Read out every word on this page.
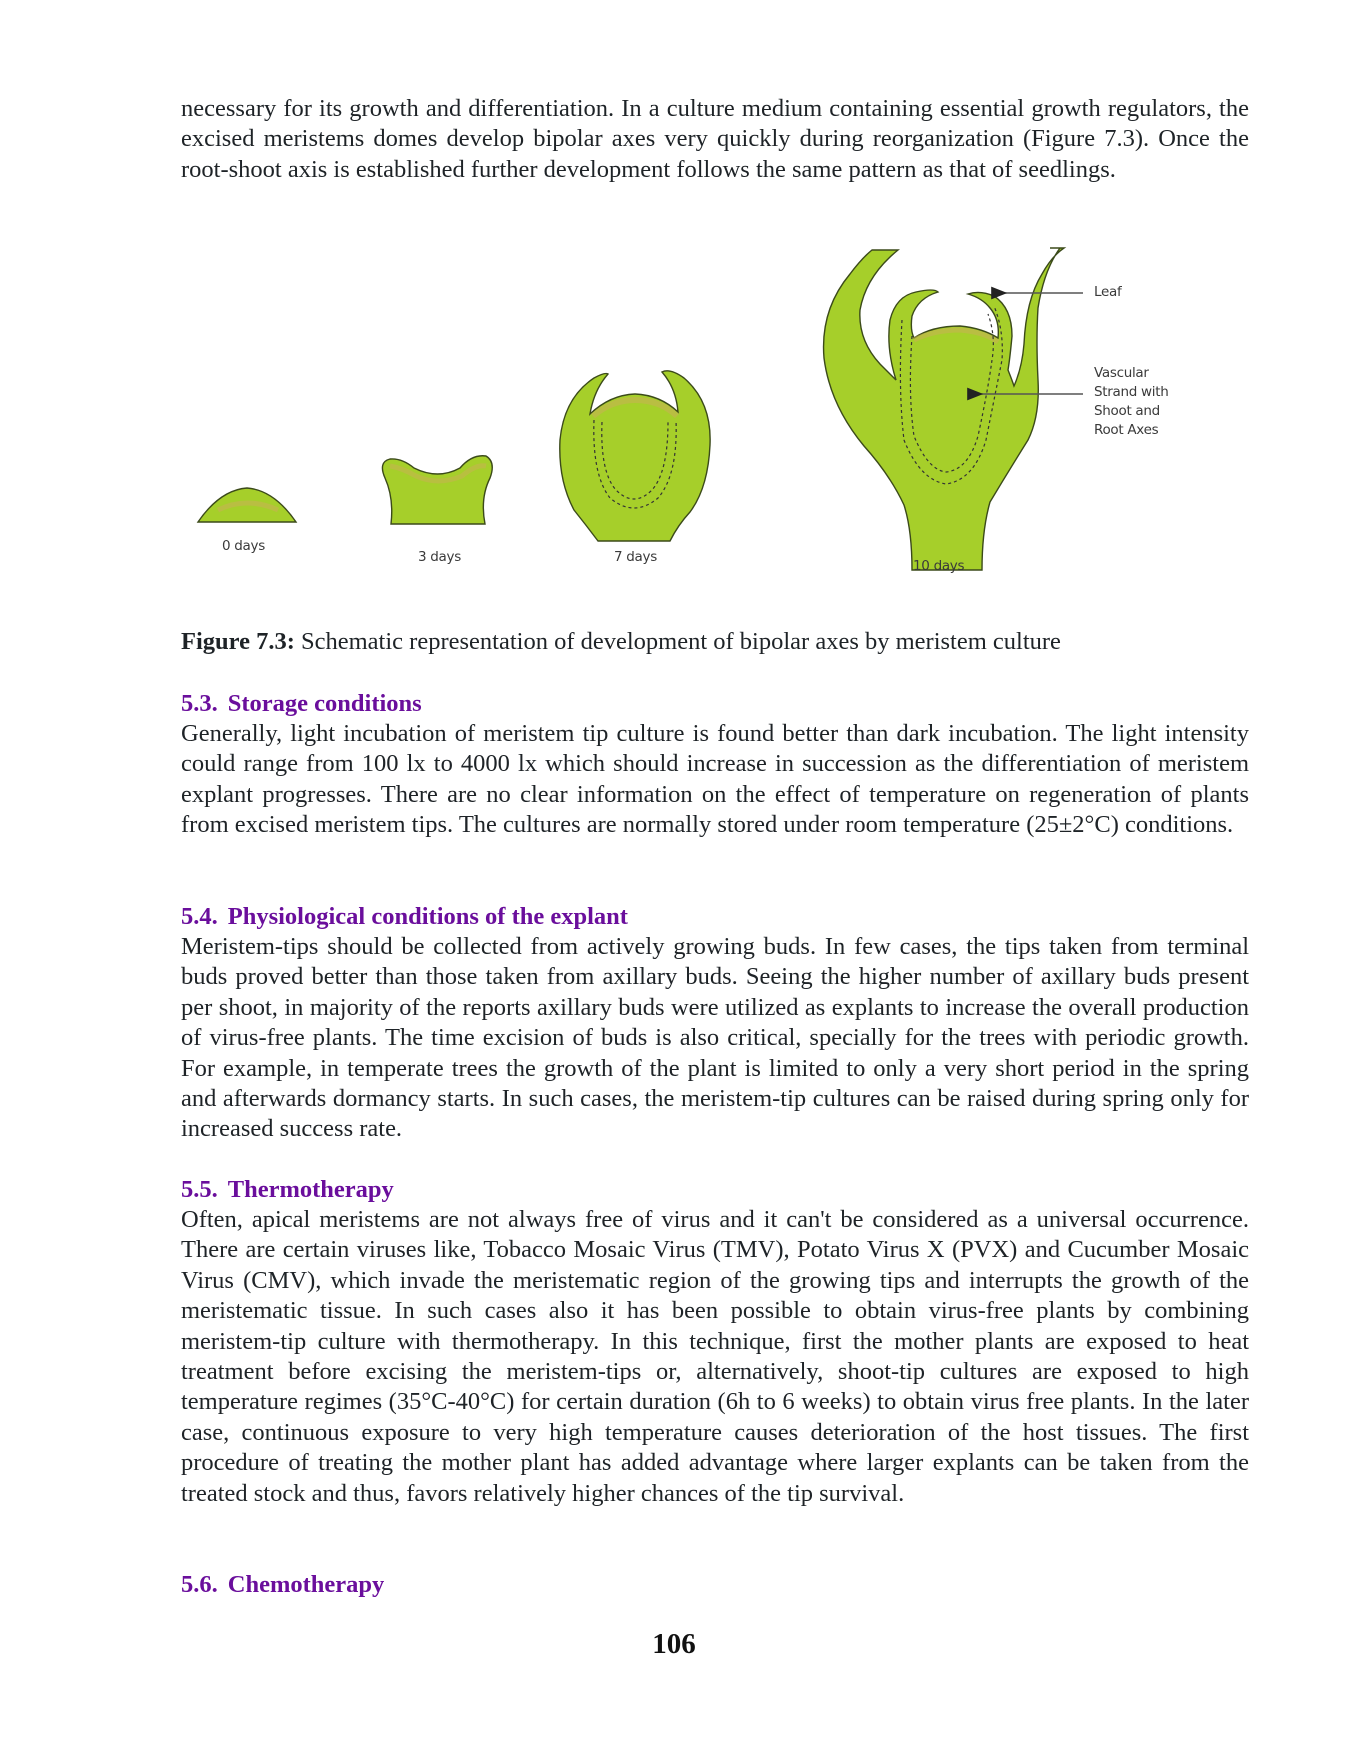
necessary for its growth and differentiation. In a culture medium containing essential growth regulators, the excised meristems domes develop bipolar axes very quickly during reorganization (Figure 7.3). Once the root-shoot axis is established further development follows the same pattern as that of seedlings.

0 days
3 days	7 days
10 days
Leaf
Vascular
Strand with
Shoot and
Root Axes

Figure 7.3: Schematic representation of development of bipolar axes by meristem culture

5.3. Storage conditions

Generally, light incubation of meristem tip culture is found better than dark incubation. The light intensity could range from 100 lx to 4000 lx which should increase in succession as the differentiation of meristem explant progresses. There are no clear information on the effect of temperature on regeneration of plants from excised meristem tips. The cultures are normally stored under room temperature (25±2°C) conditions.

5.4. Physiological conditions of the explant

Meristem-tips should be collected from actively growing buds. In few cases, the tips taken from terminal buds proved better than those taken from axillary buds. Seeing the higher number of axillary buds present per shoot, in majority of the reports axillary buds were utilized as explants to increase the overall production of virus-free plants. The time excision of buds is also critical, specially for the trees with periodic growth. For example, in temperate trees the growth of the plant is limited to only a very short period in the spring and afterwards dormancy starts. In such cases, the meristem-tip cultures can be raised during spring only for increased success rate.

5.5. Thermotherapy

Often, apical meristems are not always free of virus and it can't be considered as a universal occurrence. There are certain viruses like, Tobacco Mosaic Virus (TMV), Potato Virus X (PVX) and Cucumber Mosaic Virus (CMV), which invade the meristematic region of the growing tips and interrupts the growth of the meristematic tissue. In such cases also it has been possible to obtain virus-free plants by combining meristem-tip culture with thermotherapy. In this technique, first the mother plants are exposed to heat treatment before excising the meristem-tips or, alternatively, shoot-tip cultures are exposed to high temperature regimes (35°C-40°C) for certain duration (6h to 6 weeks) to obtain virus free plants. In the later case, continuous exposure to very high temperature causes deterioration of the host tissues. The first procedure of treating the mother plant has added advantage where larger explants can be taken from the treated stock and thus, favors relatively higher chances of the tip survival.

5.6. Chemotherapy
106
